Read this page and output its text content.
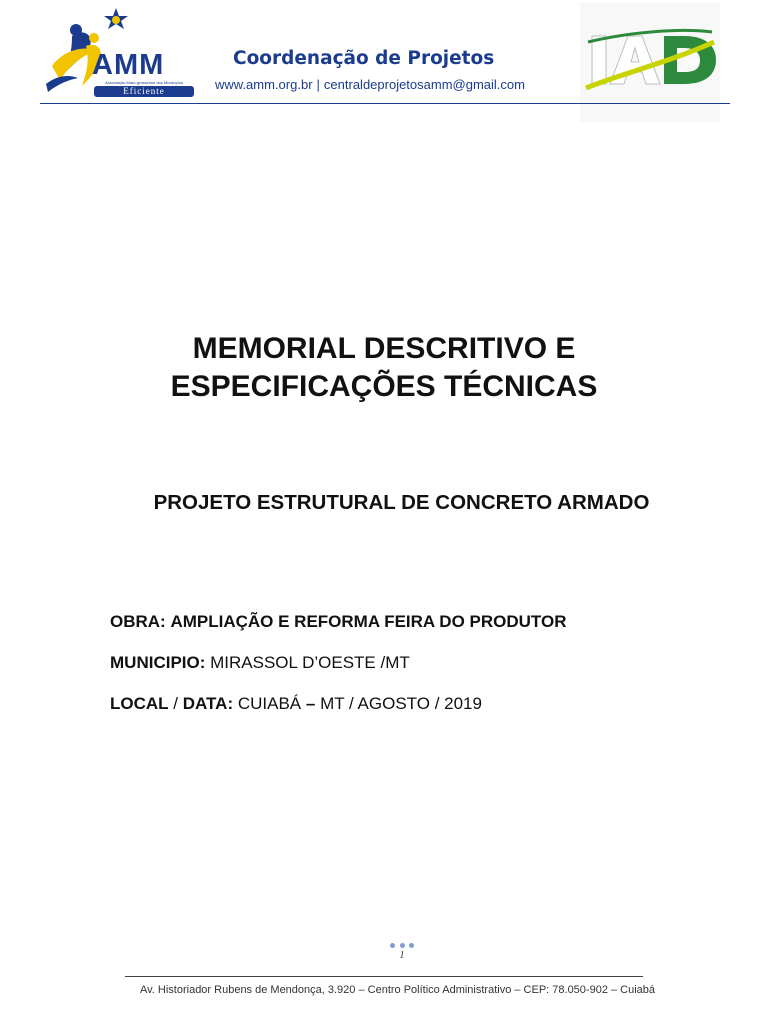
AMM
Associação Mato-grossense dos Municípios
Eficiente
Coordenação de Projetos
www.amm.org.br | centraldeprojetosamm@gmail.com
IAD
MEMORIAL DESCRITIVO E
ESPECIFICAÇÕES TÉCNICAS
PROJETO ESTRUTURAL DE CONCRETO ARMADO
OBRA: AMPLIAÇÃO E REFORMA FEIRA DO PRODUTOR
MUNICIPIO: MIRASSOL D’OESTE /MT
LOCAL / DATA: CUIABÁ – MT / AGOSTO / 2019
1
Av. Historiador Rubens de Mendonça, 3.920 – Centro Político Administrativo – CEP: 78.050-902 – Cuiabá
